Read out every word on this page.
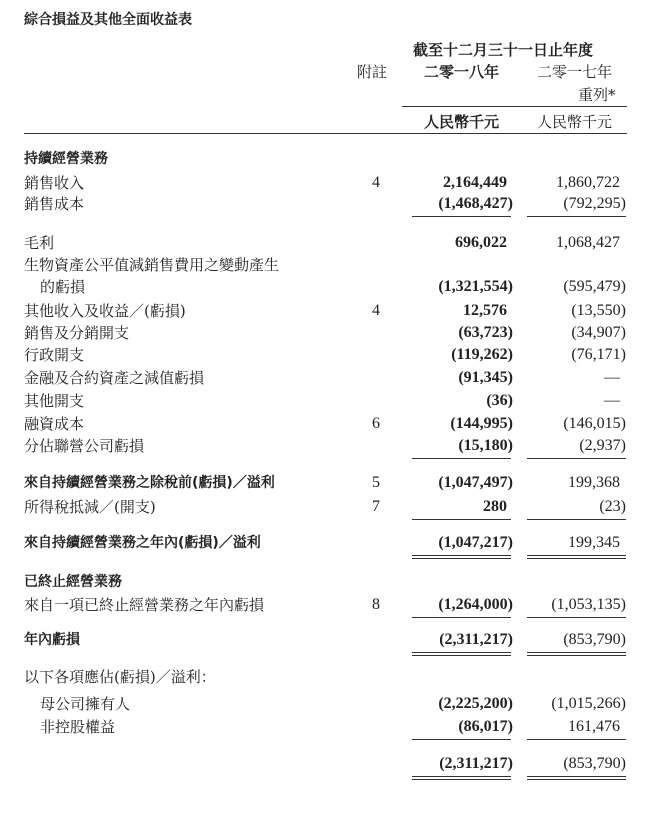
綜合損益及其他全面收益表
截至十二月三十一日止年度
附註 二零一八年	二零一七年
重列*
人民幣千元	人民幣千元
持續經營業務
銷售收入	4	2,164,449	1,860,722
銷售成本	(1,468,427)	(792,295)
毛利	696,022	1,068,427
生物資產公平值減銷售費用之變動產生
的虧損	(1,321,554)	(595,479)
其他收入及收益／(虧損)	4	12,576	(13,550)
銷售及分銷開支	(63,723)	(34,907)
行政開支	(119,262)	(76,171)
金融及合約資產之減值虧損	(91,345)	—
其他開支	(36)	—
融資成本	6	(144,995)	(146,015)
分佔聯營公司虧損	(15,180)	(2,937)
來自持續經營業務之除稅前(虧損)／溢利	5	(1,047,497)	199,368
所得稅抵減／(開支)	7	280	(23)
來自持續經營業務之年內(虧損)／溢利	(1,047,217)	199,345
已終止經營業務
來自一項已終止經營業務之年內虧損	8	(1,264,000) (1,053,135)
年內虧損	(2,311,217)	(853,790)
以下各項應佔(虧損)／溢利：
母公司擁有人	(2,225,200) (1,015,266)
非控股權益	(86,017)	161,476
(2,311,217)	(853,790)
